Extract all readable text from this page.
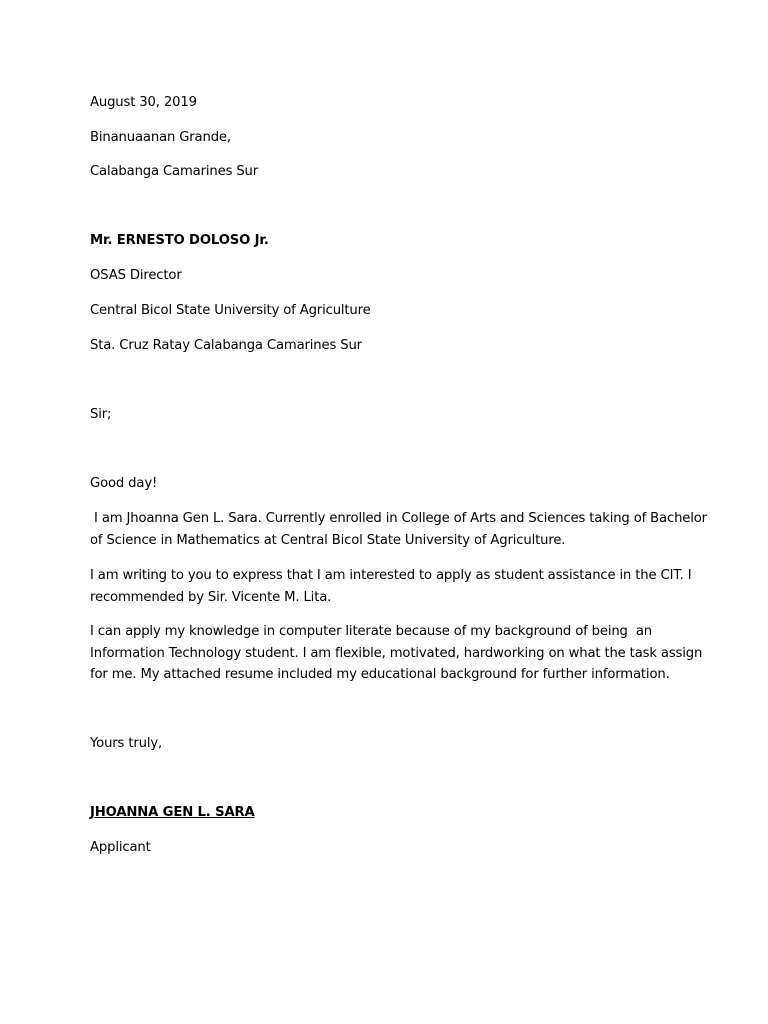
August 30, 2019
Binanuaanan Grande,
Calabanga Camarines Sur
Mr. ERNESTO DOLOSO Jr.
OSAS Director
Central Bicol State University of Agriculture
Sta. Cruz Ratay Calabanga Camarines Sur
Sir;
Good day!
I am Jhoanna Gen L. Sara. Currently enrolled in College of Arts and Sciences taking of Bachelor
of Science in Mathematics at Central Bicol State University of Agriculture.
I am writing to you to express that I am interested to apply as student assistance in the CIT. I
recommended by Sir. Vicente M. Lita.
I can apply my knowledge in computer literate because of my background of being  an
Information Technology student. I am flexible, motivated, hardworking on what the task assign
for me. My attached resume included my educational background for further information.
Yours truly,
JHOANNA GEN L. SARA
Applicant
